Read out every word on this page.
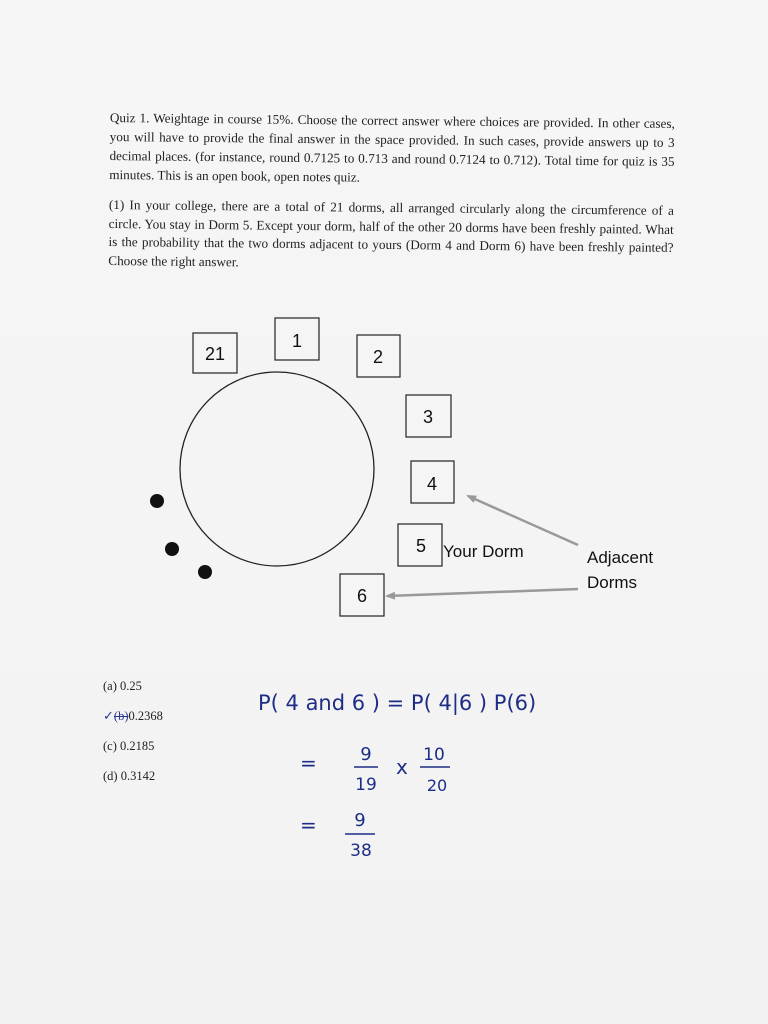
Quiz 1. Weightage in course 15%. Choose the correct answer where choices are provided. In other cases, you will have to provide the final answer in the space provided. In such cases, provide answers up to 3 decimal places. (for instance, round 0.7125 to 0.713 and round 0.7124 to 0.712). Total time for quiz is 35 minutes. This is an open book, open notes quiz.
(1) In your college, there are a total of 21 dorms, all arranged circularly along the circumference of a circle. You stay in Dorm 5. Except your dorm, half of the other 20 dorms have been freshly painted. What is the probability that the two dorms adjacent to yours (Dorm 4 and Dorm 6) have been freshly painted? Choose the right answer.
21
1
2
3
4
5
6
Your Dorm	Adjacent
Dorms
P( 4 and 6 ) = P( 4|6 ) P(6)
= 9
19
x 10
20
= 9
38
(a) 0.25
✓(b)0.2368
(c) 0.2185
(d) 0.3142
